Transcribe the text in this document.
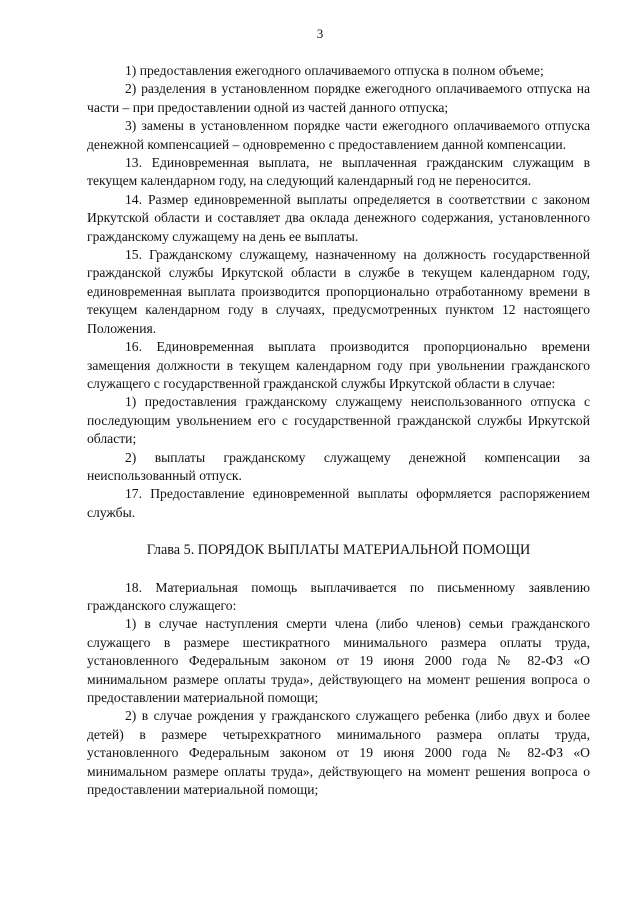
3

1) предоставления ежегодного оплачиваемого отпуска в полном объеме;

2) разделения в установленном порядке ежегодного оплачиваемого отпуска на части – при предоставлении одной из частей данного отпуска;

3) замены в установленном порядке части ежегодного оплачиваемого отпуска денежной компенсацией – одновременно с предоставлением данной компенсации.

13. Единовременная выплата, не выплаченная гражданским служащим в текущем календарном году, на следующий календарный год не переносится.

14. Размер единовременной выплаты определяется в соответствии с законом Иркутской области и составляет два оклада денежного содержания, установленного гражданскому служащему на день ее выплаты.

15. Гражданскому служащему, назначенному на должность государственной гражданской службы Иркутской области в службе в текущем календарном году, единовременная выплата производится пропорционально отработанному времени в текущем календарном году в случаях, предусмотренных пунктом 12 настоящего Положения.

16. Единовременная выплата производится пропорционально времени замещения должности в текущем календарном году при увольнении гражданского служащего с государственной гражданской службы Иркутской области в случае:

1) предоставления гражданскому служащему неиспользованного отпуска с последующим увольнением его с государственной гражданской службы Иркутской области;

2) выплаты гражданскому служащему денежной компенсации за неиспользованный отпуск.

17. Предоставление единовременной выплаты оформляется распоряжением службы.

Глава 5. ПОРЯДОК ВЫПЛАТЫ МАТЕРИАЛЬНОЙ ПОМОЩИ

18. Материальная помощь выплачивается по письменному заявлению гражданского служащего:

1) в случае наступления смерти члена (либо членов) семьи гражданского служащего в размере шестикратного минимального размера оплаты труда, установленного Федеральным законом от 19 июня 2000 года № 82-ФЗ «О минимальном размере оплаты труда», действующего на момент решения вопроса о предоставлении материальной помощи;

2) в случае рождения у гражданского служащего ребенка (либо двух и более детей) в размере четырехкратного минимального размера оплаты труда, установленного Федеральным законом от 19 июня 2000 года № 82-ФЗ «О минимальном размере оплаты труда», действующего на момент решения вопроса о предоставлении материальной помощи;
